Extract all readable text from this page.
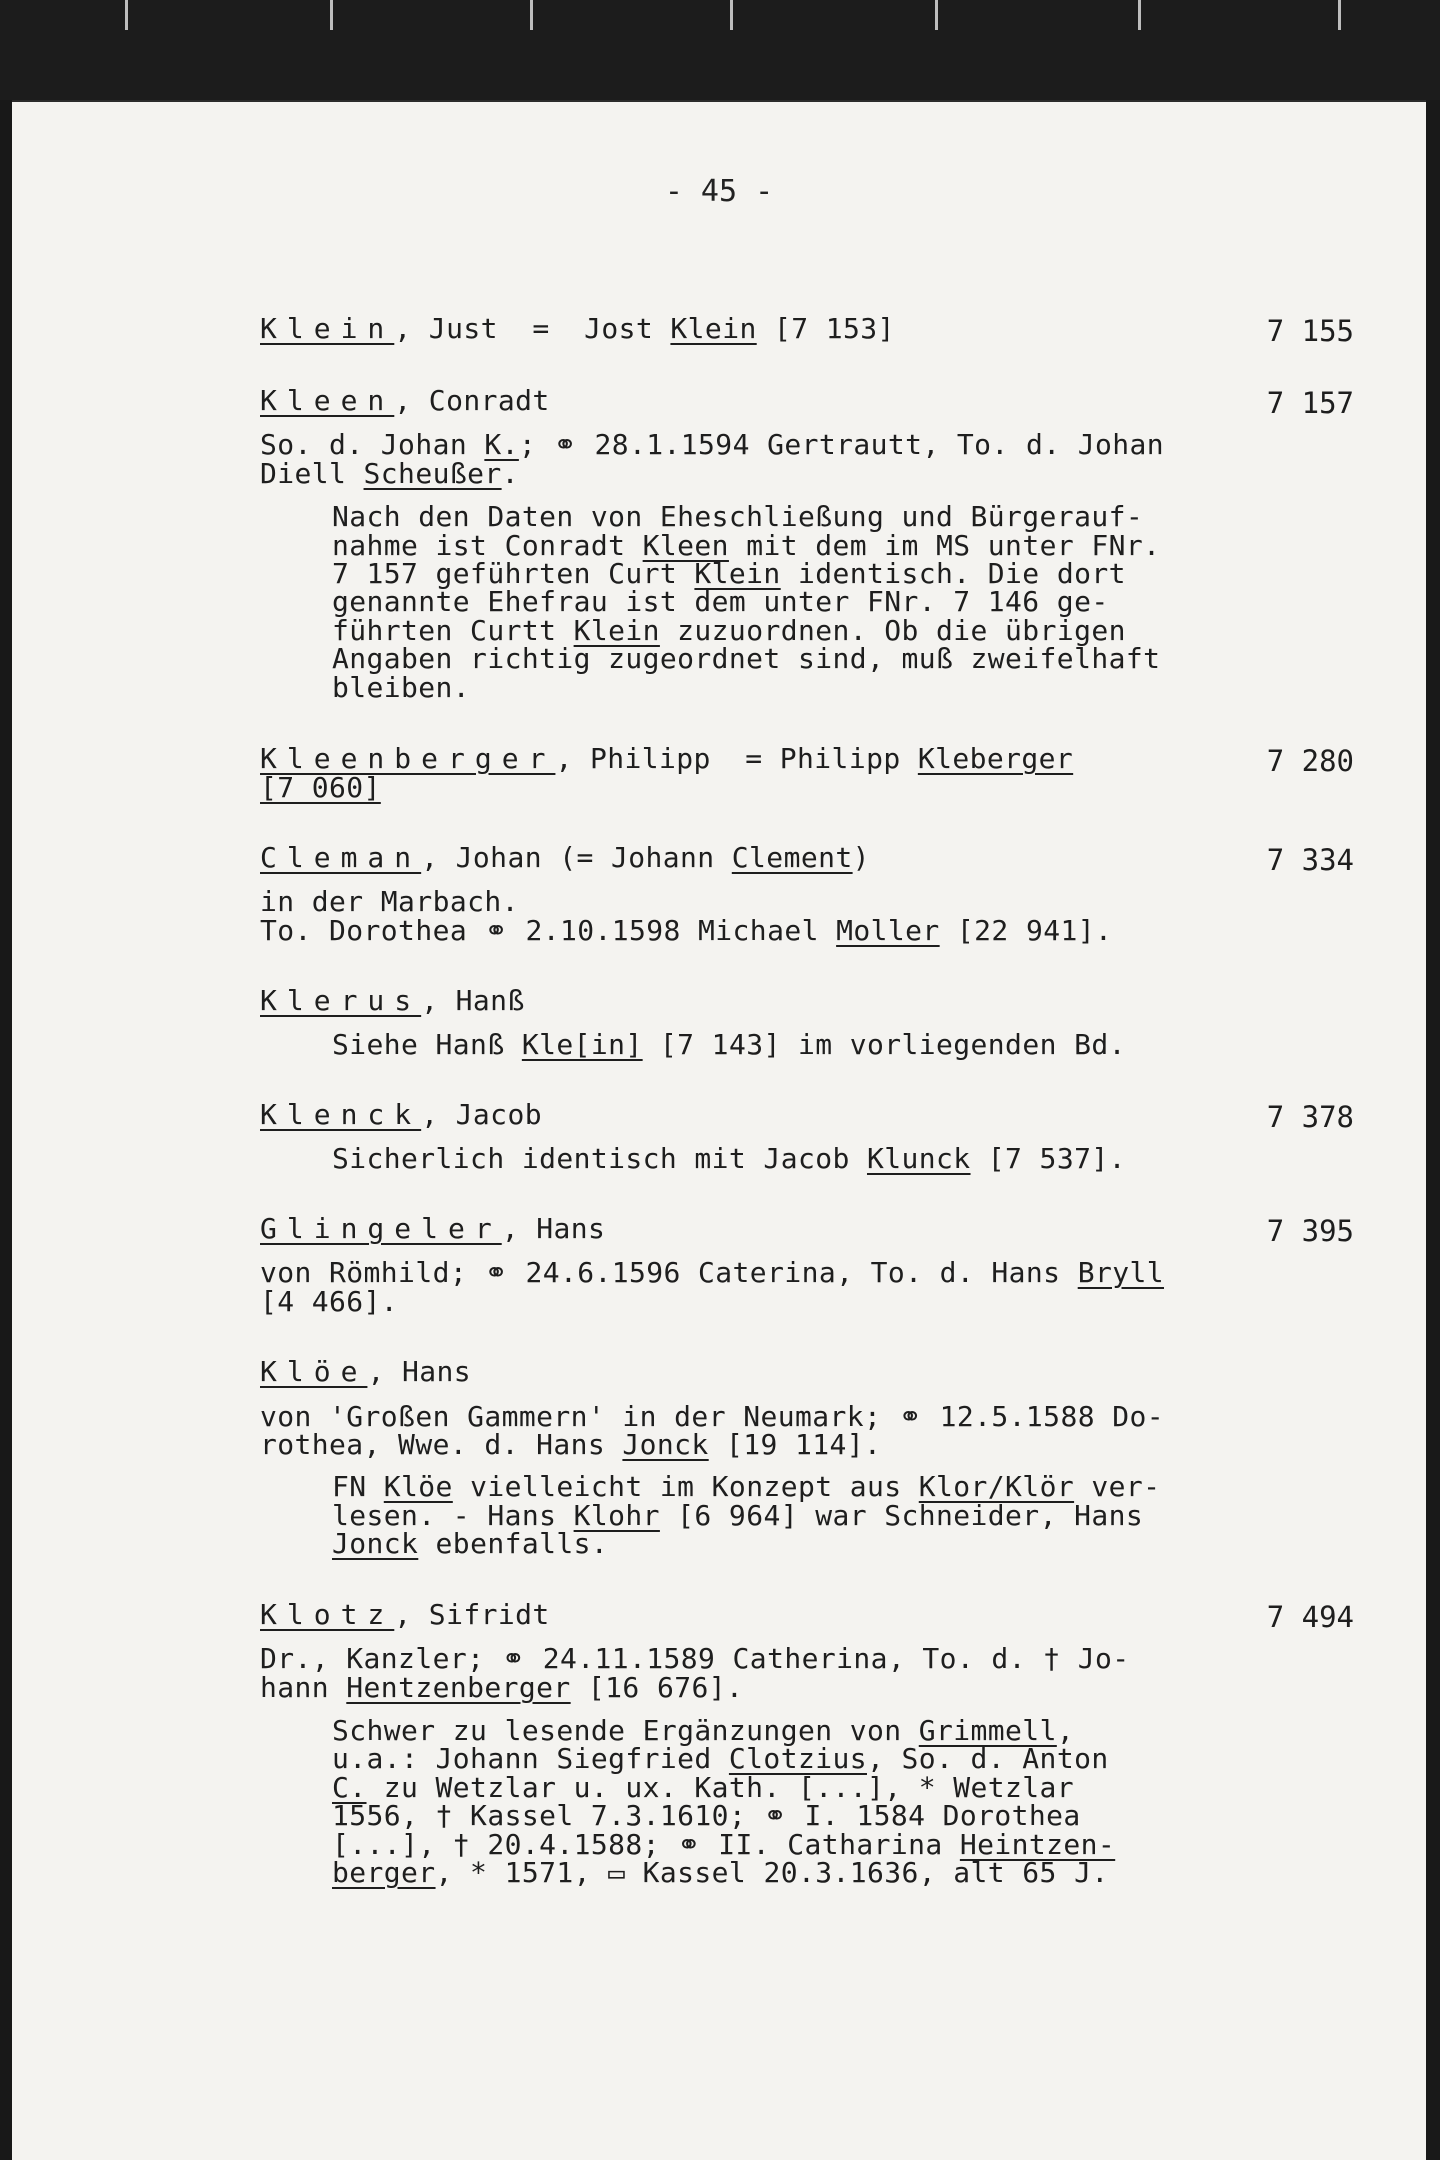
- 45 -
Klein, Just  =  Jost Klein [7 153]	7 155
Kleen, Conradt	7 157
So. d. Johan K.; ⚭ 28.1.1594 Gertrautt, To. d. Johan
Diell Scheußer.
Nach den Daten von Eheschließung und Bürgerauf-
nahme ist Conradt Kleen mit dem im MS unter FNr.
7 157 geführten Curt Klein identisch. Die dort
genannte Ehefrau ist dem unter FNr. 7 146 ge-
führten Curtt Klein zuzuordnen. Ob die übrigen
Angaben richtig zugeordnet sind, muß zweifelhaft
bleiben.
Kleenberger, Philipp  = Philipp Kleberger	7 280
[7 060]
Cleman, Johan (= Johann Clement)	7 334
in der Marbach.
To. Dorothea ⚭ 2.10.1598 Michael Moller [22 941].
Klerus, Hanß
Siehe Hanß Kle[in] [7 143] im vorliegenden Bd.
Klenck, Jacob	7 378
Sicherlich identisch mit Jacob Klunck [7 537].
Glingeler, Hans	7 395
von Römhild; ⚭ 24.6.1596 Caterina, To. d. Hans Bryll
[4 466].
Klöe, Hans
von 'Großen Gammern' in der Neumark; ⚭ 12.5.1588 Do-
rothea, Wwe. d. Hans Jonck [19 114].
FN Klöe vielleicht im Konzept aus Klor/Klör ver-
lesen. - Hans Klohr [6 964] war Schneider, Hans
Jonck ebenfalls.
Klotz, Sifridt	7 494
Dr., Kanzler; ⚭ 24.11.1589 Catherina, To. d. † Jo-
hann Hentzenberger [16 676].
Schwer zu lesende Ergänzungen von Grimmell,
u.a.: Johann Siegfried Clotzius, So. d. Anton
C. zu Wetzlar u. ux. Kath. [...], * Wetzlar
1556, † Kassel 7.3.1610; ⚭ I. 1584 Dorothea
[...], † 20.4.1588; ⚭ II. Catharina Heintzen-
berger, * 1571, ▭ Kassel 20.3.1636, alt 65 J.
